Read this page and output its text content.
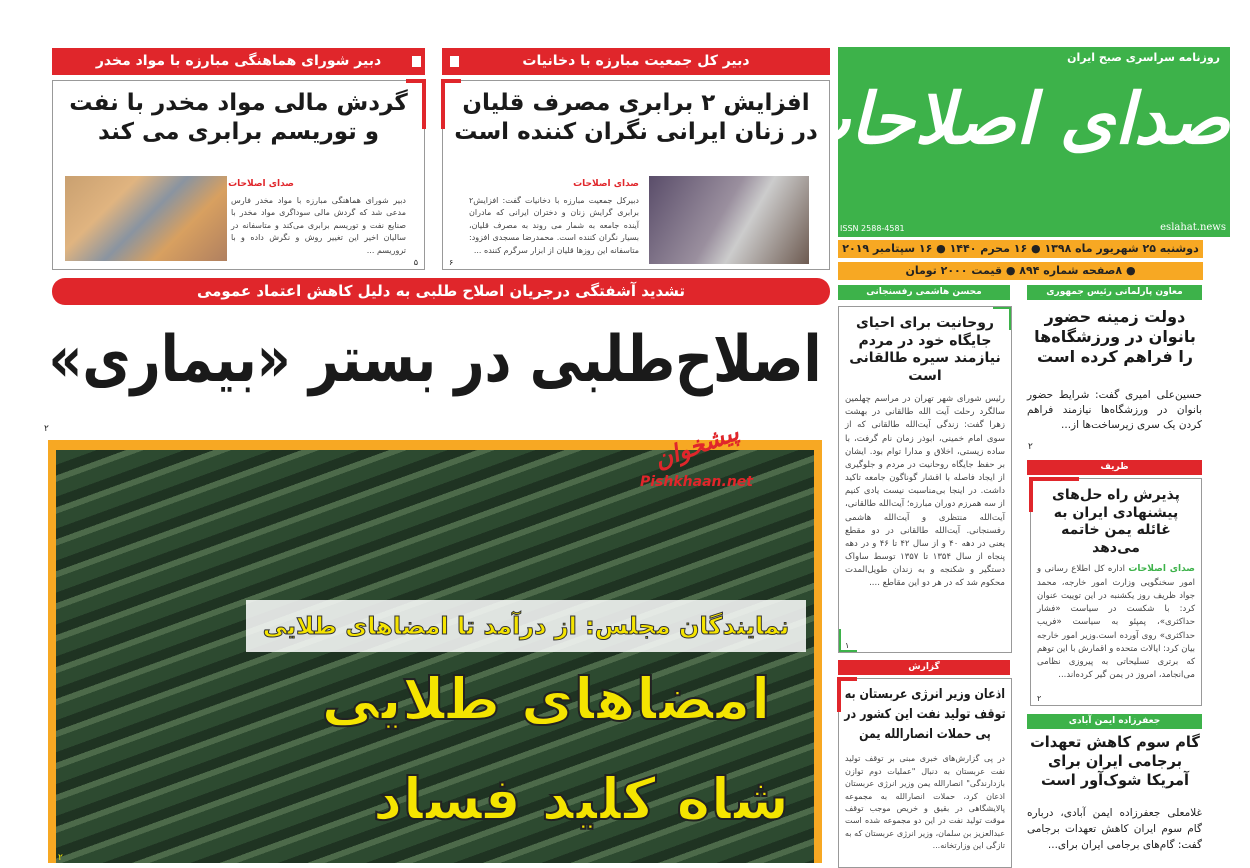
روزنامه سراسری صبح ایران
صدای اصلاحات
ISSN 2588-4581	eslahat.news
دوشنبه ۲۵ شهریور ماه ۱۳۹۸ ● ۱۶ محرم ۱۴۴۰ ● ۱۶ سپتامبر ۲۰۱۹
● ۸صفحه شماره ۸۹۴ ● قیمت ۲۰۰۰ تومان
معاون پارلمانی رئیس جمهوری
دولت زمینه حضور بانوان در ورزشگاه‌ها را فراهم کرده است
حسین‌علی امیری گفت: شرایط حضور بانوان در ورزشگاه‌ها نیازمند فراهم کردن یک سری زیرساخت‌ها از...
۲
ظریف
پذیرش راه حل‌های پیشنهادی ایران به غائله یمن خاتمه می‌دهد
صدای اصلاحات اداره کل اطلاع رسانی و امور سخنگویی وزارت امور خارجه، محمد جواد ظریف روز یکشنبه در این توییت عنوان کرد: با شکست در سیاست «فشار حداکثری»، پمپئو به سیاست «فریب حداکثری» روی آورده است.وزیر امور خارجه بیان کرد: ایالات متحده و اقمارش با این توهم که برتری تسلیحاتی به پیروزی نظامی می‌انجامد، امروز در یمن گیر کرده‌اند...
۲
جعفرزاده ایمن آبادی
گام سوم کاهش تعهدات برجامی ایران برای آمریکا شوک‌آور است
غلامعلی جعفرزاده ایمن آبادی، درباره گام سوم ایران کاهش تعهدات برجامی گفت: گام‌های برجامی ایران برای...
محسن هاشمی رفسنجانی
روحانیت برای احیای جایگاه خود در مردم نیازمند سیره طالقانی است
رئیس شورای شهر تهران در مراسم چهلمین سالگرد رحلت آیت الله طالقانی در بهشت زهرا گفت: زندگی آیت‌الله طالقانی که از سوی امام خمینی، ابوذر زمان نام گرفت، با ساده زیستی، اخلاق و مدارا توام بود. ایشان بر حفظ جایگاه روحانیت در مردم و جلوگیری از ایجاد فاصله با اقشار گوناگون جامعه تاکید داشت. در اینجا بی‌مناسبت نیست یادی کنیم از سه همرزم دوران مبارزه؛ آیت‌الله طالقانی، آیت‌الله منتظری و آیت‌الله هاشمی رفسنجانی. آیت‌الله طالقانی در دو مقطع یعنی در دهه ۴۰ و از سال ۴۲ تا ۴۶ و در دهه پنجاه از سال ۱۳۵۴ تا ۱۳۵۷ توسط ساواک دستگیر و شکنجه و به زندان طویل‌المدت محکوم شد که در هر دو این مقاطع ....
۱
گزارش
اذعان وزیر انرژی عربستان به توقف تولید نفت این کشور در پی حملات انصارالله یمن
در پی گزارش‌های خبری مبنی بر توقف تولید نفت عربستان به دنبال "عملیات دوم توازن بازدارندگی" انصارالله یمن وزیر انرژی عربستان اذعان کرد، حملات انصارالله به مجموعه پالایشگاهی در بقیق و خریص موجب توقف موقت تولید نفت در این دو مجموعه شده است عبدالعزیز بن سلمان، وزیر انرژی عربستان که به تازگی این وزارتخانه...
دبیر کل جمعیت مبارزه با دخانیات
افزایش ۲ برابری مصرف قلیان در زنان ایرانی نگران کننده است
صدای اصلاحات
دبیرکل جمعیت مبارزه با دخانیات گفت: افزایش۲ برابری گرایش زنان و دختران ایرانی که مادران آینده جامعه به شمار می روند به مصرف قلیان، بسیار نگران کننده است. محمدرضا مسجدی افزود: متاسفانه این روزها قلیان از ابزار سرگرم کننده ...
۶
دبیر شورای هماهنگی مبارزه با مواد مخدر
گردش مالی مواد مخدر با نفت و توریسم برابری می کند
صدای اصلاحات
دبیر شورای هماهنگی مبارزه با مواد مخدر فارس مدعی شد که گردش مالی سوداگری مواد مخدر با صنایع نفت و توریسم برابری می‌کند و متاسفانه در سالیان اخیر این تغییر روش و نگرش داده و با تروریسم ...
۵
تشدید آشفتگی درجریان اصلاح طلبی به دلیل کاهش اعتماد عمومی
اصلاح‌طلبی در بستر «بیماری»
۲
نمایندگان مجلس: از درآمد تا امضاهای طلایی
امضاهای طلایی
شاه کلید فساد
۲
پیشخوان
Pishkhaan.net
